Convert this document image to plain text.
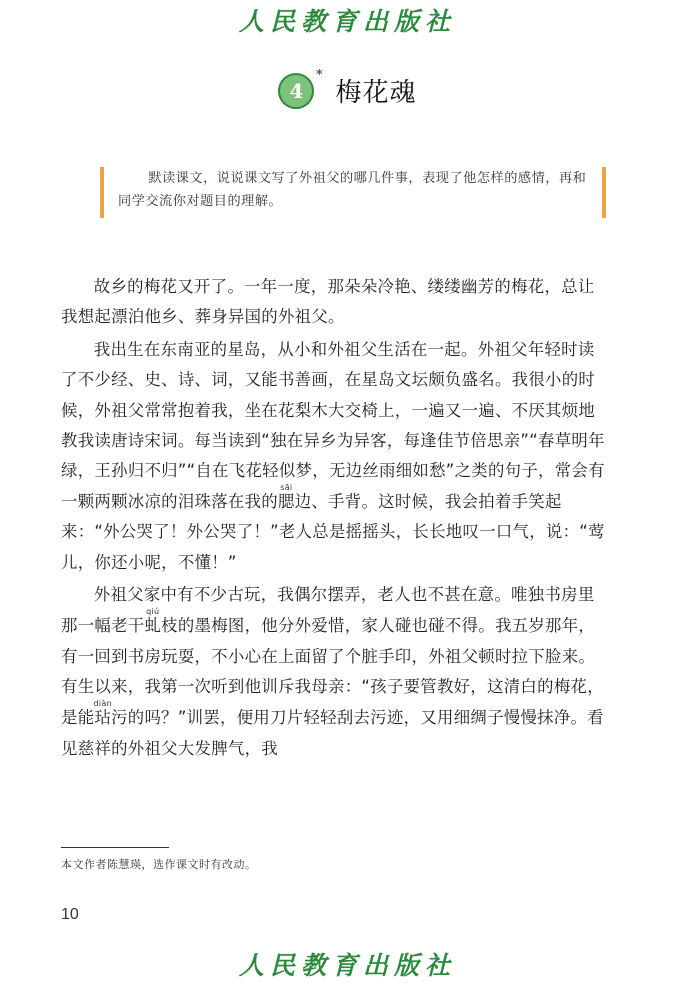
人民教育出版社
4
*
梅花魂

默读课文，说说课文写了外祖父的哪几件事，表现了他怎样的感情，再和同学交流你对题目的理解。

故乡的梅花又开了。一年一度，那朵朵冷艳、缕缕幽芳的梅花，总让我想起漂泊他乡、葬身异国的外祖父。

我出生在东南亚的星岛，从小和外祖父生活在一起。外祖父年轻时读了不少经、史、诗、词，又能书善画，在星岛文坛颇负盛名。我很小的时候，外祖父常常抱着我，坐在花梨木大交椅上，一遍又一遍、不厌其烦地教我读唐诗宋词。每当读到“独在异乡为异客，每逢佳节倍思亲”“春草明年绿，王孙归不归”“自在飞花轻似梦，无边丝雨细如愁”之类的句子，常会有一颗两颗冰凉的泪珠落在我的腮sāi边、手背。这时候，我会拍着手笑起来：“外公哭了！外公哭了！”老人总是摇摇头，长长地叹一口气，说：“莺儿，你还小呢，不懂！”

外祖父家中有不少古玩，我偶尔摆弄，老人也不甚在意。唯独书房里那一幅老干虬qiú枝的墨梅图，他分外爱惜，家人碰也碰不得。我五岁那年，有一回到书房玩耍，不小心在上面留了个脏手印，外祖父顿时拉下脸来。有生以来，我第一次听到他训斥我母亲：“孩子要管教好，这清白的梅花，是能玷diàn污的吗？”训罢，便用刀片轻轻刮去污迹，又用细绸子慢慢抹净。看见慈祥的外祖父大发脾气，我

本文作者陈慧瑛，选作课文时有改动。
10
人民教育出版社
